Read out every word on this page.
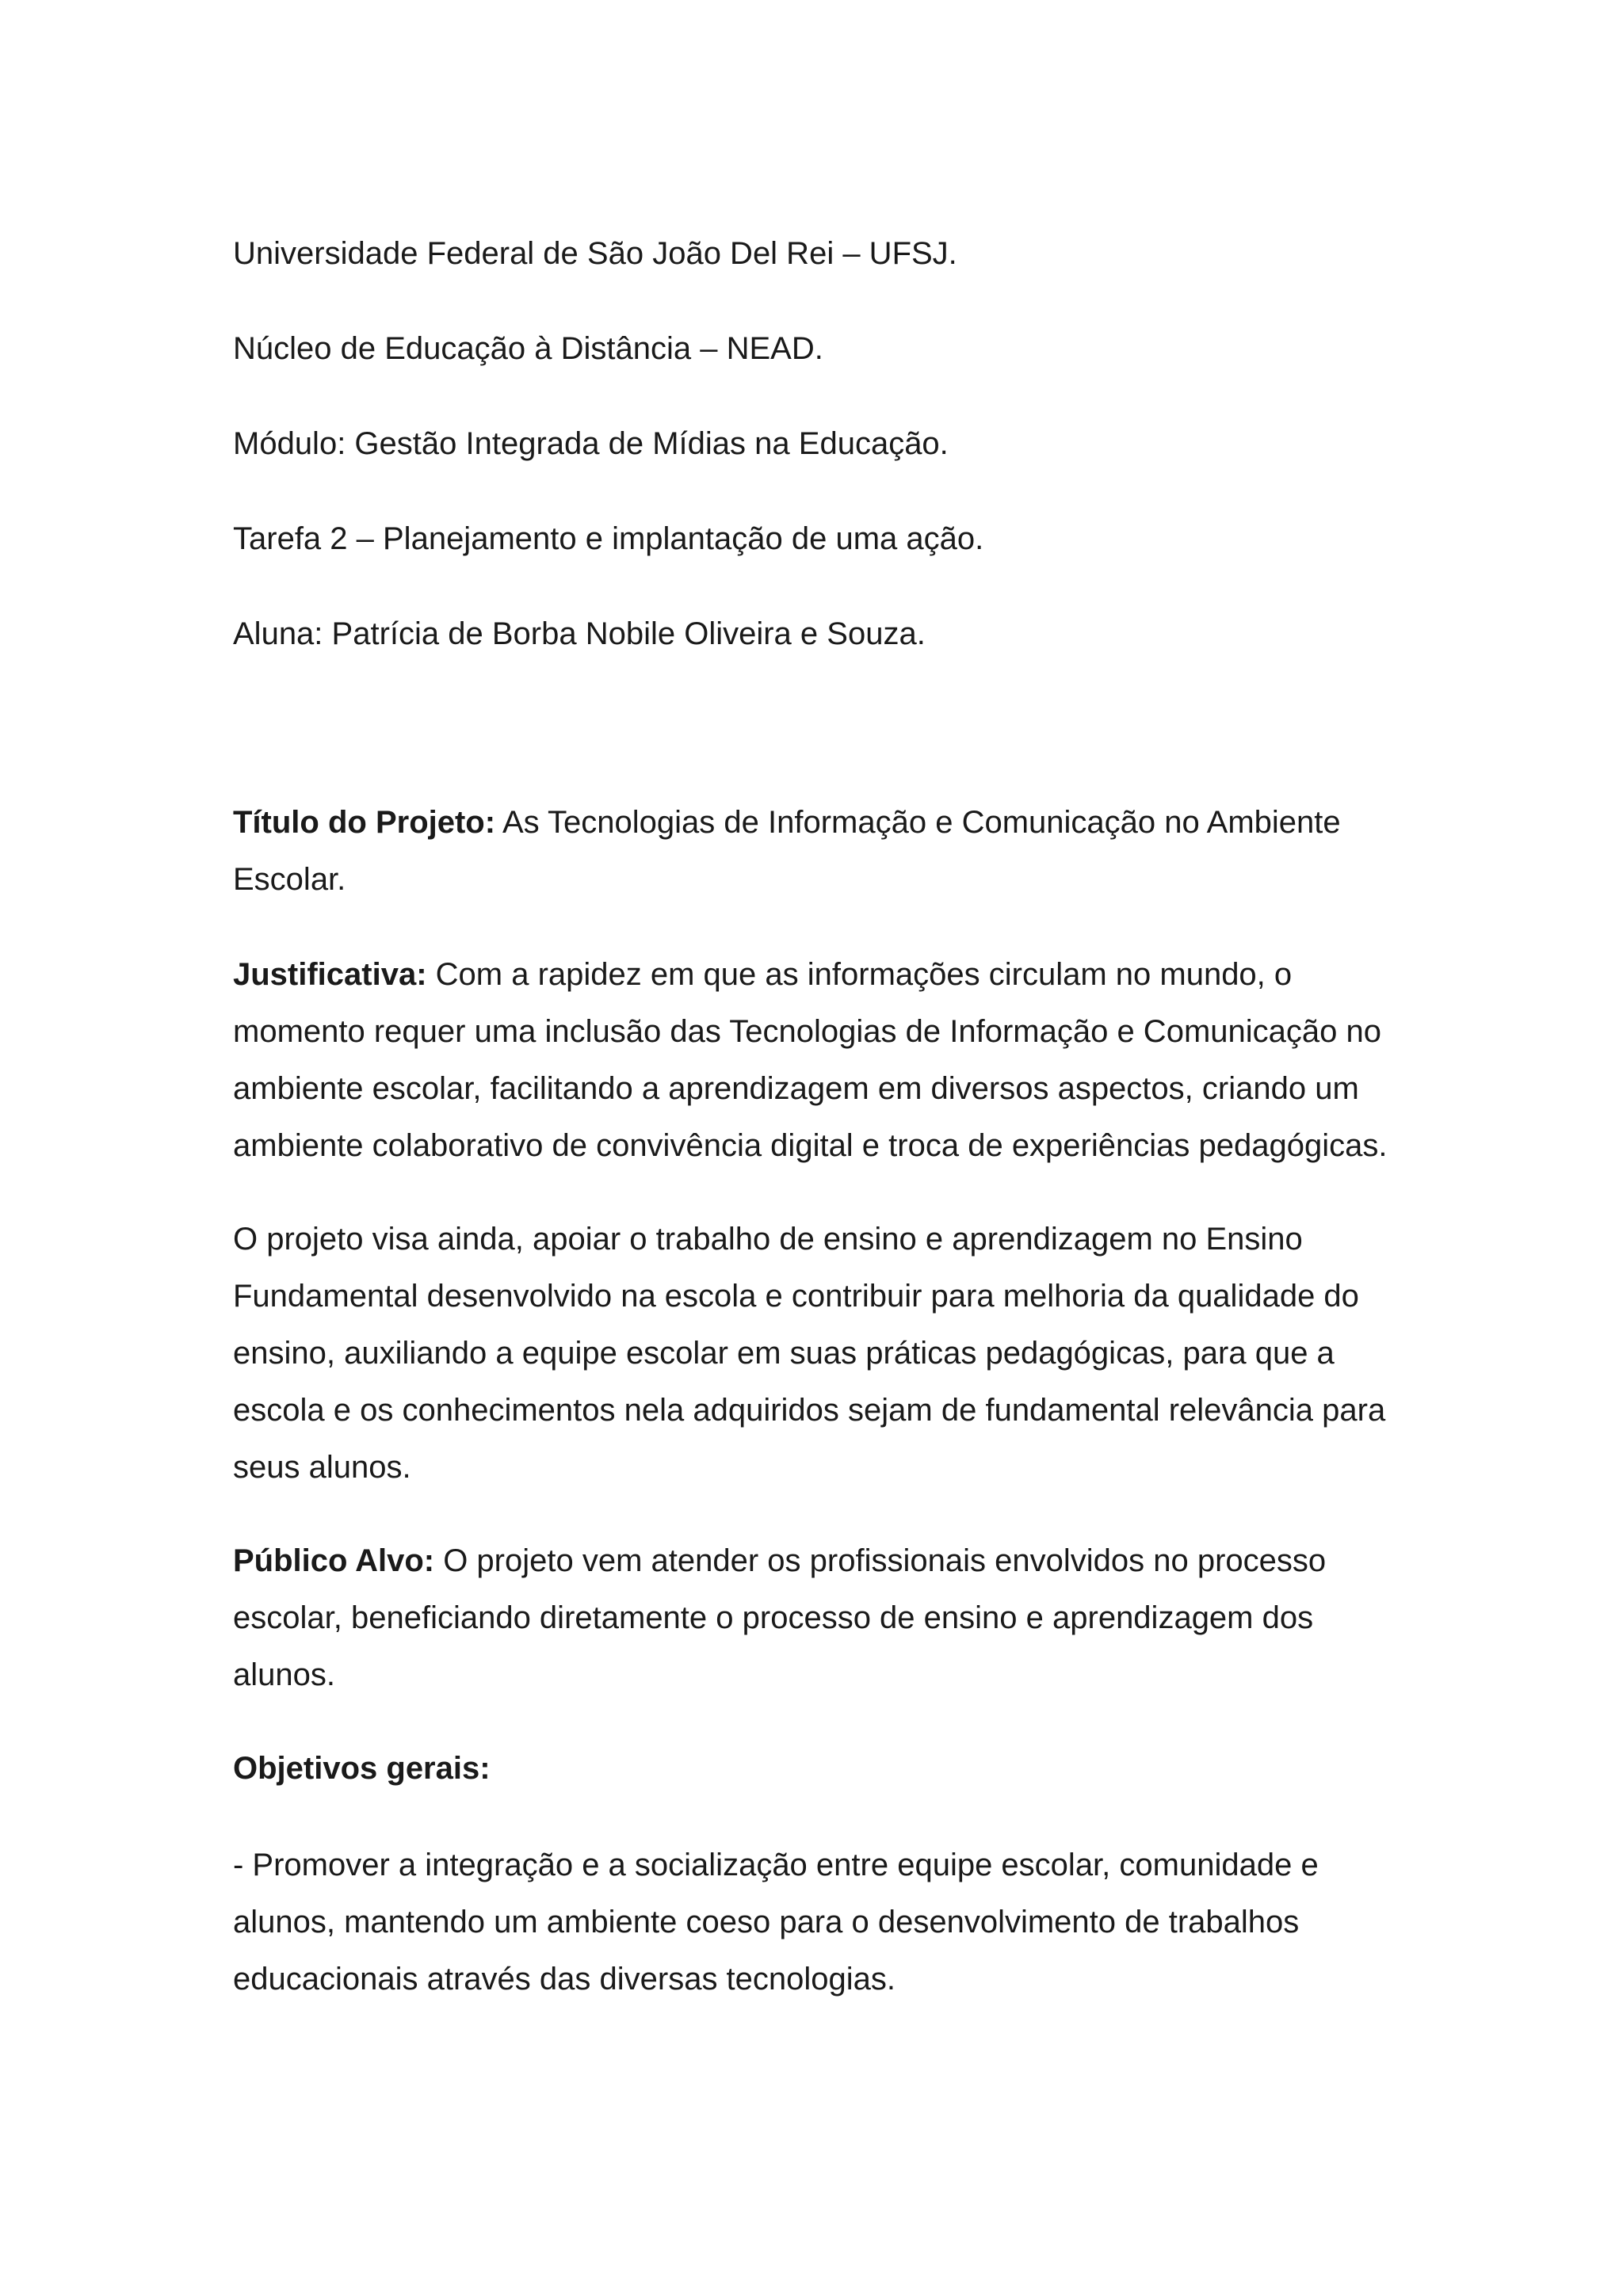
Universidade Federal de São João Del Rei – UFSJ.

Núcleo de Educação à Distância – NEAD.

Módulo: Gestão Integrada de Mídias na Educação.

Tarefa 2 – Planejamento e implantação de uma ação.

Aluna: Patrícia de Borba Nobile Oliveira e Souza.

Título do Projeto: As Tecnologias de Informação e Comunicação no Ambiente
Escolar.
Justificativa: Com a rapidez em que as informações circulam no mundo, o
momento requer uma inclusão das Tecnologias de Informação e Comunicação no
ambiente escolar, facilitando a aprendizagem em diversos aspectos, criando um
ambiente colaborativo de convivência digital e troca de experiências pedagógicas.
O projeto visa ainda, apoiar o trabalho de ensino e aprendizagem no Ensino
Fundamental desenvolvido na escola e contribuir para melhoria da qualidade do
ensino, auxiliando a equipe escolar em suas práticas pedagógicas, para que a
escola e os conhecimentos nela adquiridos sejam de fundamental relevância para
seus alunos.
Público Alvo: O projeto vem atender os profissionais envolvidos no processo
escolar, beneficiando diretamente o processo de ensino e aprendizagem dos
alunos.
Objetivos gerais:
- Promover a integração e a socialização entre equipe escolar, comunidade e
alunos, mantendo um ambiente coeso para o desenvolvimento de trabalhos
educacionais através das diversas tecnologias.
